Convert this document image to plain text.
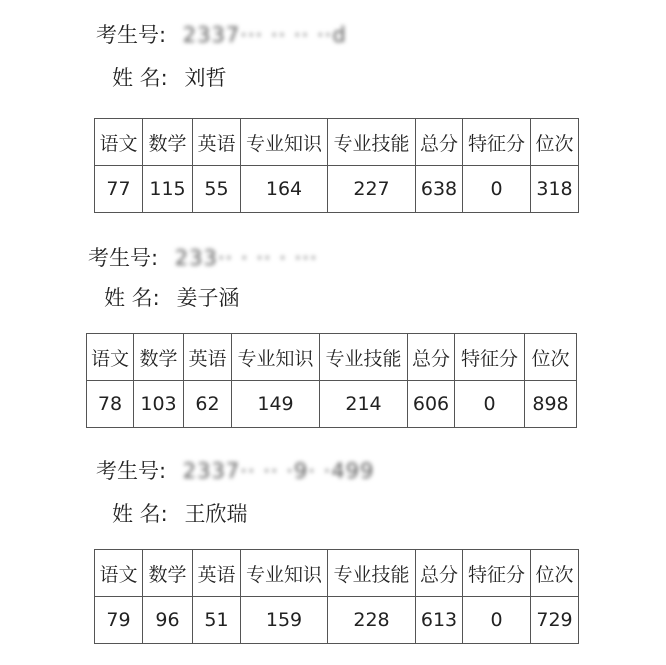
考生号: 2337··· ·· ·· ··d
姓 名: 刘哲
语文	数学	英语	专业知识	专业技能	总分	特征分	位次
77	115	55	164	227	638	0	318
考生号: 233·· · ·· · ···
姓 名: 姜子涵
语文	数学	英语	专业知识	专业技能	总分	特征分	位次
78	103	62	149	214	606	0	898
考生号: 2337·· ·· ·9· ·499
姓 名: 王欣瑞
语文	数学	英语	专业知识	专业技能	总分	特征分	位次
79	96	51	159	228	613	0	729
